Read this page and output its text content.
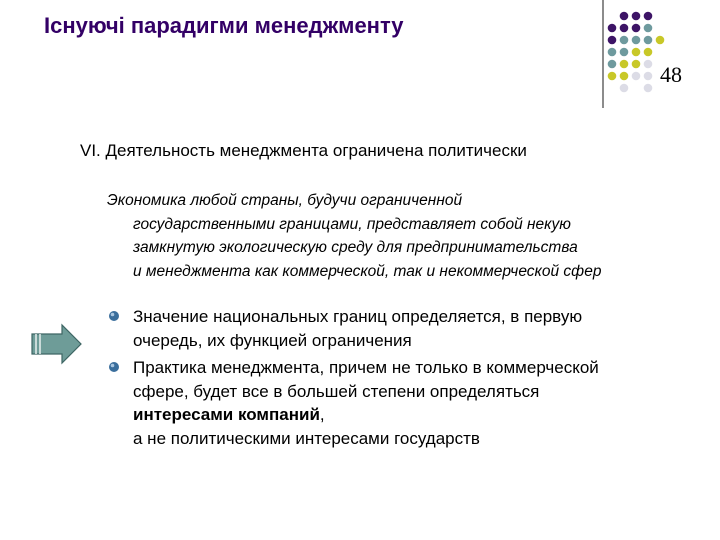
Існуючі парадигми менеджменту
48
VI. Деятельность менеджмента ограничена политически
Экономика любой страны, будучи ограниченной
государственными границами, представляет собой некую
замкнутую экологическую среду для предпринимательства
и менеджмента как коммерческой, так и некоммерческой сфер
Значение национальных границ определяется, в первую
очередь, их функцией ограничения
Практика менеджмента, причем не только в коммерческой
сфере, будет все в большей степени определяться
интересами компаний,
а не политическими интересами государств
